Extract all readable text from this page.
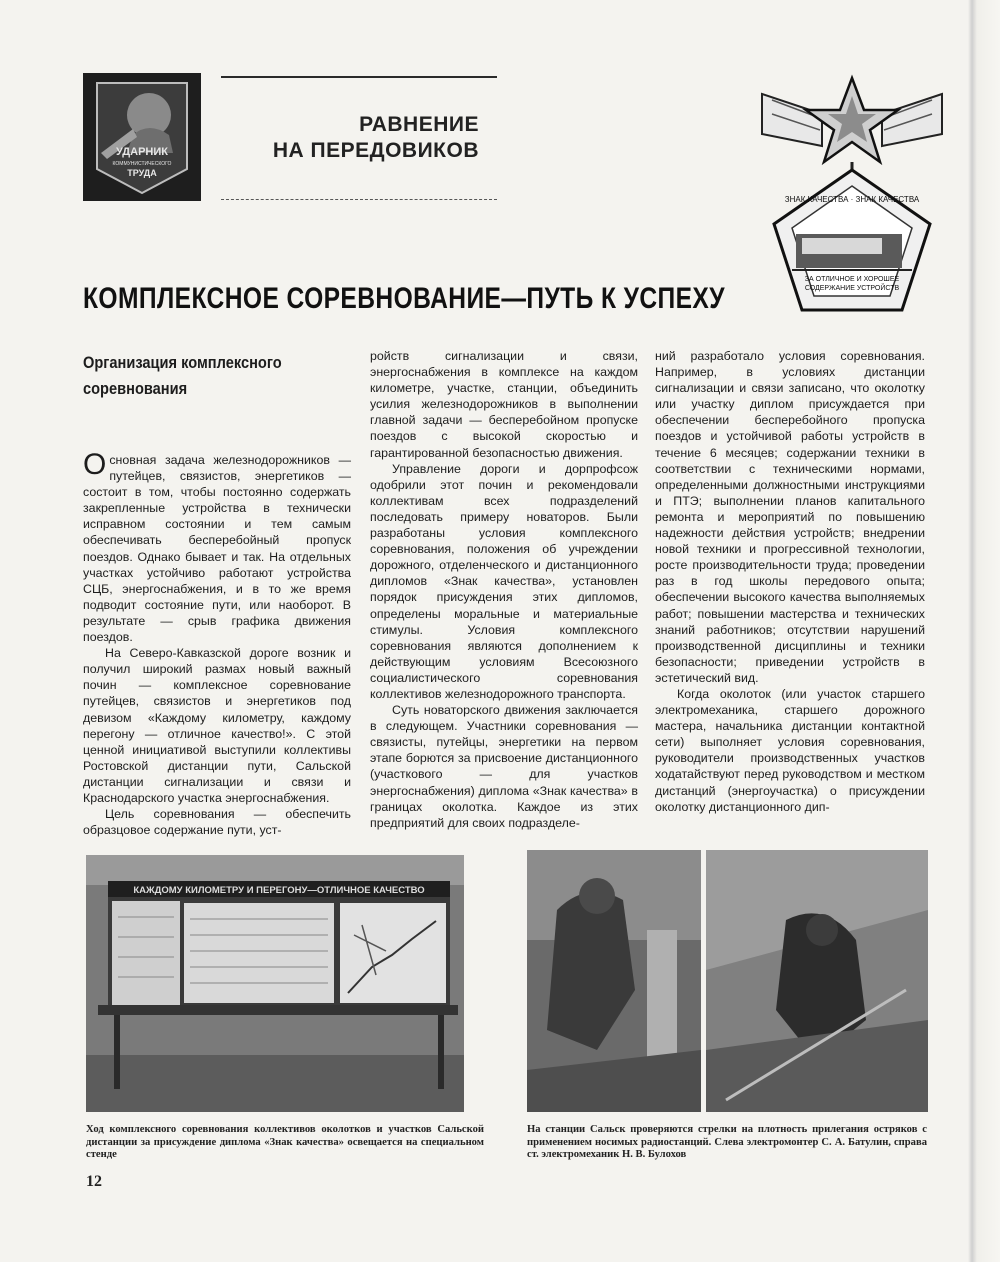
УДАРНИК
КОММУНИСТИЧЕСКОГО
ТРУДА
РАВНЕНИЕ
НА ПЕРЕДОВИКОВ
ЗНАК КАЧЕСТВА · ЗНАК КАЧЕСТВА
ЗА ОТЛИЧНОЕ И ХОРОШЕЕ
СОДЕРЖАНИЕ УСТРОЙСТВ
КОМПЛЕКСНОЕ СОРЕВНОВАНИЕ—ПУТЬ К УСПЕХУ
Организация комплексного соревнования

Основная задача железнодорожников — путейцев, связистов, энергетиков — состоит в том, чтобы постоянно содержать закрепленные устройства в технически исправном состоянии и тем самым обеспечивать бесперебойный пропуск поездов. Однако бывает и так. На отдельных участках устойчиво работают устройства СЦБ, энергоснабжения, и в то же время подводит состояние пути, или наоборот. В результате — срыв графика движения поездов.

На Северо-Кавказской дороге возник и получил широкий размах новый важный почин — комплексное соревнование путейцев, связистов и энергетиков под девизом «Каждому километру, каждому перегону — отличное качество!». С этой ценной инициативой выступили коллективы Ростовской дистанции пути, Сальской дистанции сигнализации и связи и Краснодарского участка энергоснабжения.

Цель соревнования — обеспечить образцовое содержание пути, уст-

ройств сигнализации и связи, энергоснабжения в комплексе на каждом километре, участке, станции, объединить усилия железнодорожников в выполнении главной задачи — бесперебойном пропуске поездов с высокой скоростью и гарантированной безопасностью движения.

Управление дороги и дорпрофсож одобрили этот почин и рекомендовали коллективам всех подразделений последовать примеру новаторов. Были разработаны условия комплексного соревнования, положения об учреждении дорожного, отделенческого и дистанционного дипломов «Знак качества», установлен порядок присуждения этих дипломов, определены моральные и материальные стимулы. Условия комплексного соревнования являются дополнением к действующим условиям Всесоюзного социалистического соревнования коллективов железнодорожного транспорта.

Суть новаторского движения заключается в следующем. Участники соревнования — связисты, путейцы, энергетики на первом этапе борются за присвоение дистанционного (участкового — для участков энергоснабжения) диплома «Знак качества» в границах околотка. Каждое из этих предприятий для своих подразделе-

ний разработало условия соревнования. Например, в условиях дистанции сигнализации и связи записано, что околотку или участку диплом присуждается при обеспечении бесперебойного пропуска поездов и устойчивой работы устройств в течение 6 месяцев; содержании техники в соответствии с техническими нормами, определенными должностными инструкциями и ПТЭ; выполнении планов капитального ремонта и мероприятий по повышению надежности действия устройств; внедрении новой техники и прогрессивной технологии, росте производительности труда; проведении раз в год школы передового опыта; обеспечении высокого качества выполняемых работ; повышении мастерства и технических знаний работников; отсутствии нарушений производственной дисциплины и техники безопасности; приведении устройств в эстетический вид.

Когда околоток (или участок старшего электромеханика, старшего дорожного мастера, начальника дистанции контактной сети) выполняет условия соревнования, руководители производственных участков ходатайствуют перед руководством и местком дистанций (энергоучастка) о присуждении околотку дистанционного дип-

КАЖДОМУ КИЛОМЕТРУ И ПЕРЕГОНУ—ОТЛИЧНОЕ КАЧЕСТВО
Ход комплексного соревнования коллективов околотков и участков Сальской дистанции за присуждение диплома «Знак качества» освещается на специальном стенде
На станции Сальск проверяются стрелки на плотность прилегания остряков с применением носимых радиостанций. Слева электромонтер С. А. Батулин, справа ст. электромеханик Н. В. Булохов
12
